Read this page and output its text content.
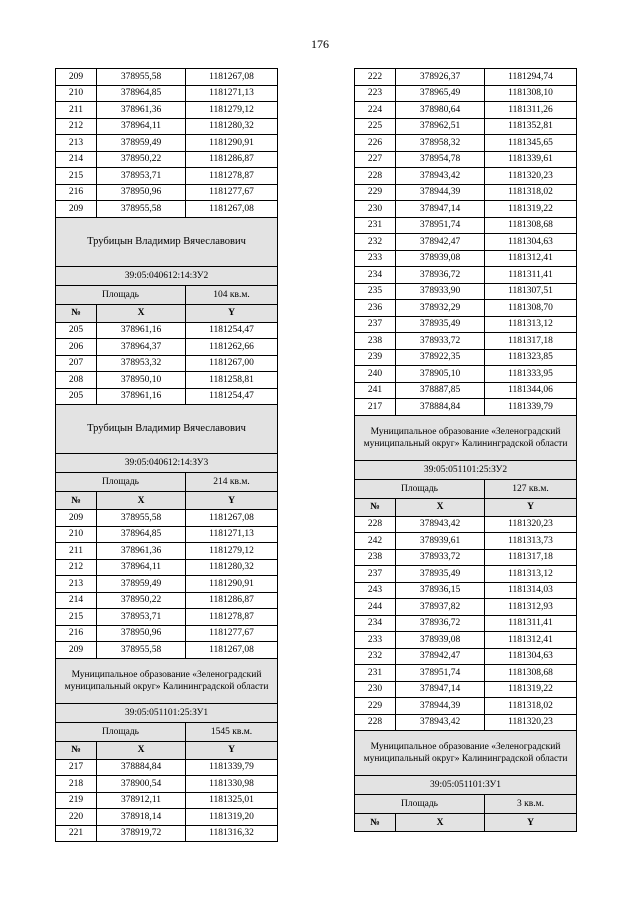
176
209	378955,58	1181267,08
210	378964,85	1181271,13
211	378961,36	1181279,12
212	378964,11	1181280,32
213	378959,49	1181290,91
214	378950,22	1181286,87
215	378953,71	1181278,87
216	378950,96	1181277,67
209	378955,58	1181267,08
Трубицын Владимир Вячеславович		
39:05:040612:14:ЗУ2		
Площадь		104 кв.м.
№	X	Y
205	378961,16	1181254,47
206	378964,37	1181262,66
207	378953,32	1181267,00
208	378950,10	1181258,81
205	378961,16	1181254,47
Трубицын Владимир Вячеславович		
39:05:040612:14:ЗУ3		
Площадь		214 кв.м.
№	X	Y
209	378955,58	1181267,08
210	378964,85	1181271,13
211	378961,36	1181279,12
212	378964,11	1181280,32
213	378959,49	1181290,91
214	378950,22	1181286,87
215	378953,71	1181278,87
216	378950,96	1181277,67
209	378955,58	1181267,08
Муниципальное образование «Зеленоградский муниципальный округ» Калининградской области		
39:05:051101:25:ЗУ1		
Площадь		1545 кв.м.
№	X	Y
217	378884,84	1181339,79
218	378900,54	1181330,98
219	378912,11	1181325,01
220	378918,14	1181319,20
221	378919,72	1181316,32
222	378926,37	1181294,74
223	378965,49	1181308,10
224	378980,64	1181311,26
225	378962,51	1181352,81
226	378958,32	1181345,65
227	378954,78	1181339,61
228	378943,42	1181320,23
229	378944,39	1181318,02
230	378947,14	1181319,22
231	378951,74	1181308,68
232	378942,47	1181304,63
233	378939,08	1181312,41
234	378936,72	1181311,41
235	378933,90	1181307,51
236	378932,29	1181308,70
237	378935,49	1181313,12
238	378933,72	1181317,18
239	378922,35	1181323,85
240	378905,10	1181333,95
241	378887,85	1181344,06
217	378884,84	1181339,79
Муниципальное образование «Зеленоградский муниципальный округ» Калининградской области		
39:05:051101:25:ЗУ2		
Площадь		127 кв.м.
№	X	Y
228	378943,42	1181320,23
242	378939,61	1181313,73
238	378933,72	1181317,18
237	378935,49	1181313,12
243	378936,15	1181314,03
244	378937,82	1181312,93
234	378936,72	1181311,41
233	378939,08	1181312,41
232	378942,47	1181304,63
231	378951,74	1181308,68
230	378947,14	1181319,22
229	378944,39	1181318,02
228	378943,42	1181320,23
Муниципальное образование «Зеленоградский муниципальный округ» Калининградской области		
39:05:051101:ЗУ1		
Площадь		3 кв.м.
№	X	Y
